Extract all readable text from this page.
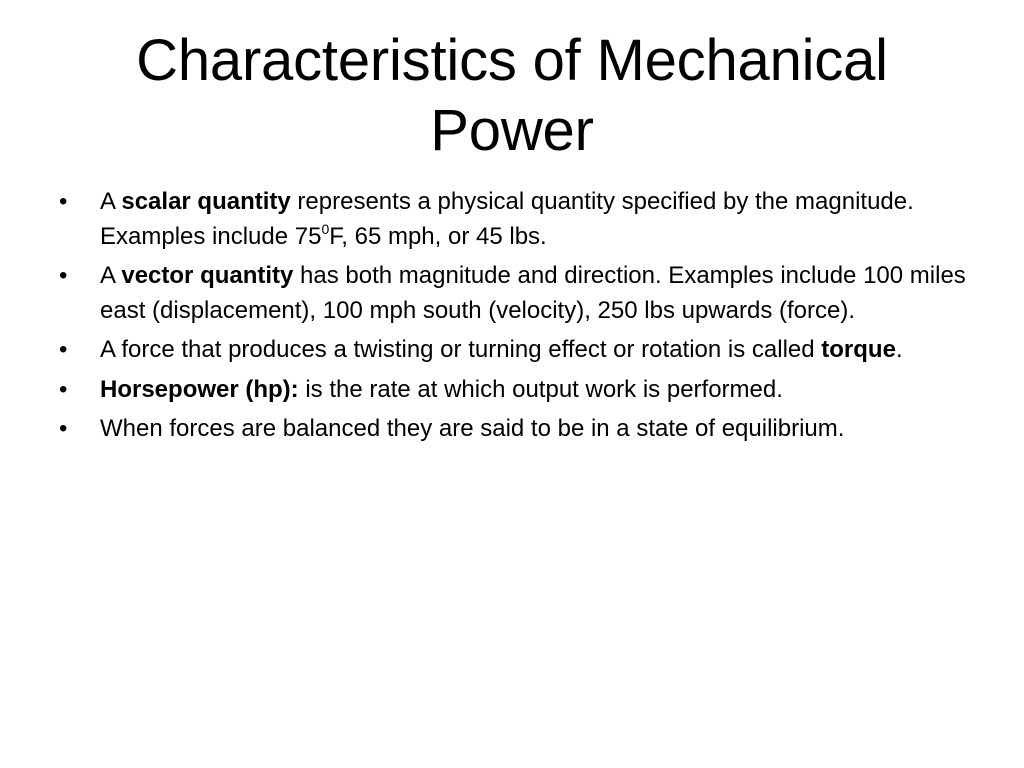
Characteristics of Mechanical Power
•	A scalar quantity represents a physical quantity specified by the magnitude. Examples include $75^0F$, 65 mph, or 45 lbs.
•	A vector quantity has both magnitude and direction. Examples include 100 miles east (displacement), 100 mph south (velocity), 250 lbs upwards (force).
•	A force that produces a twisting or turning effect or rotation is called torque.
•	Horsepower (hp): is the rate at which output work is performed.
•	When forces are balanced they are said to be in a state of equilibrium.
